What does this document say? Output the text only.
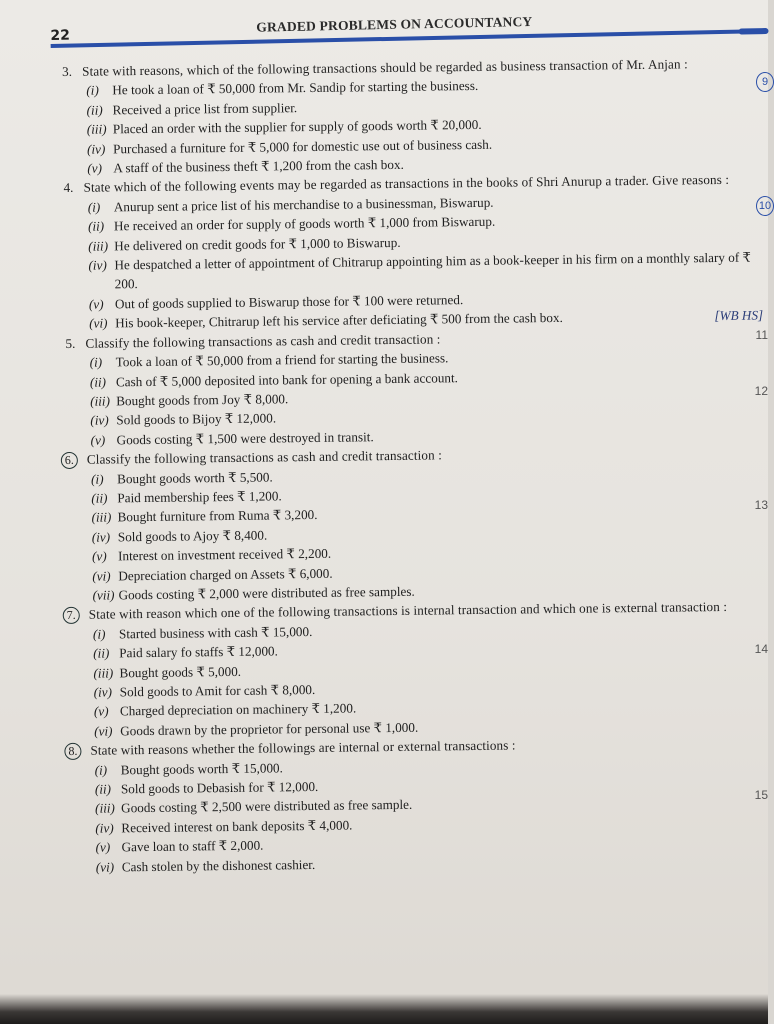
22
GRADED PROBLEMS ON ACCOUNTANCY
3. State with reasons, which of the following transactions should be regarded as business transaction of Mr. Anjan :
(i)	He took a loan of ₹ 50,000 from Mr. Sandip for starting the business.
(ii) Received a price list from supplier.
(iii) Placed an order with the supplier for supply of goods worth ₹ 20,000.
(iv) Purchased a furniture for ₹ 5,000 for domestic use out of business cash.
(v) A staff of the business theft ₹ 1,200 from the cash box.
4. State which of the following events may be regarded as transactions in the books of Shri Anurup a trader. Give reasons :
(i)	Anurup sent a price list of his merchandise to a businessman, Biswarup.
(ii) He received an order for supply of goods worth ₹ 1,000 from Biswarup.
(iii) He delivered on credit goods for ₹ 1,000 to Biswarup.
(iv) He despatched a letter of appointment of Chitrarup appointing him as a book-keeper in his firm on a monthly salary of ₹ 200.
(v) Out of goods supplied to Biswarup those for ₹ 100 were returned.
(vi) His book-keeper, Chitrarup left his service after deficiating ₹ 500 from the cash box.	[WB HS]
5. Classify the following transactions as cash and credit transaction :
(i)	Took a loan of ₹ 50,000 from a friend for starting the business.
(ii) Cash of ₹ 5,000 deposited into bank for opening a bank account.
(iii) Bought goods from Joy ₹ 8,000.
(iv) Sold goods to Bijoy ₹ 12,000.
(v) Goods costing ₹ 1,500 were destroyed in transit.
6. Classify the following transactions as cash and credit transaction :
(i)	Bought goods worth ₹ 5,500.
(ii) Paid membership fees ₹ 1,200.
(iii) Bought furniture from Ruma ₹ 3,200.
(iv) Sold goods to Ajoy ₹ 8,400.
(v) Interest on investment received ₹ 2,200.
(vi) Depreciation charged on Assets ₹ 6,000.
(vii) Goods costing ₹ 2,000 were distributed as free samples.
7. State with reason which one of the following transactions is internal transaction and which one is external transaction :
(i)	Started business with cash ₹ 15,000.
(ii) Paid salary fo staffs ₹ 12,000.
(iii) Bought goods ₹ 5,000.
(iv) Sold goods to Amit for cash ₹ 8,000.
(v) Charged depreciation on machinery ₹ 1,200.
(vi) Goods drawn by the proprietor for personal use ₹ 1,000.
8. State with reasons whether the followings are internal or external transactions :
(i)	Bought goods worth ₹ 15,000.
(ii) Sold goods to Debasish for ₹ 12,000.
(iii) Goods costing ₹ 2,500 were distributed as free sample.
(iv) Received interest on bank deposits ₹ 4,000.
(v) Gave loan to staff ₹ 2,000.
(vi) Cash stolen by the dishonest cashier.
9
10
11
12
13
14
15
